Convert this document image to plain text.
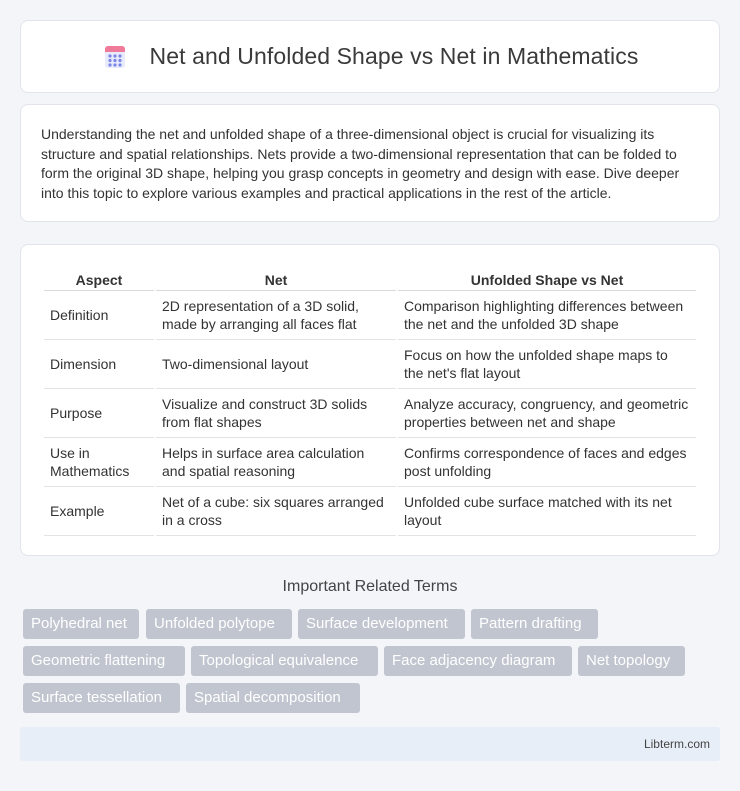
Net and Unfolded Shape vs Net in Mathematics

Understanding the net and unfolded shape of a three-dimensional object is crucial for visualizing its structure and spatial relationships. Nets provide a two-dimensional representation that can be folded to form the original 3D shape, helping you grasp concepts in geometry and design with ease. Dive deeper into this topic to explore various examples and practical applications in the rest of the article.

Aspect	Net	Unfolded Shape vs Net
Definition	2D representation of a 3D solid, made by arranging all faces flat	Comparison highlighting differences between the net and the unfolded 3D shape
Dimension	Two-dimensional layout	Focus on how the unfolded shape maps to the net's flat layout
Purpose	Visualize and construct 3D solids from flat shapes	Analyze accuracy, congruency, and geometric properties between net and shape
Use in Mathematics	Helps in surface area calculation and spatial reasoning	Confirms correspondence of faces and edges post unfolding
Example	Net of a cube: six squares arranged in a cross	Unfolded cube surface matched with its net layout
Important Related Terms
Polyhedral net	Unfolded polytope	Surface development	Pattern drafting
Geometric flattening	Topological equivalence	Face adjacency diagram	Net topology
Surface tessellation	Spatial decomposition
Libterm.com
